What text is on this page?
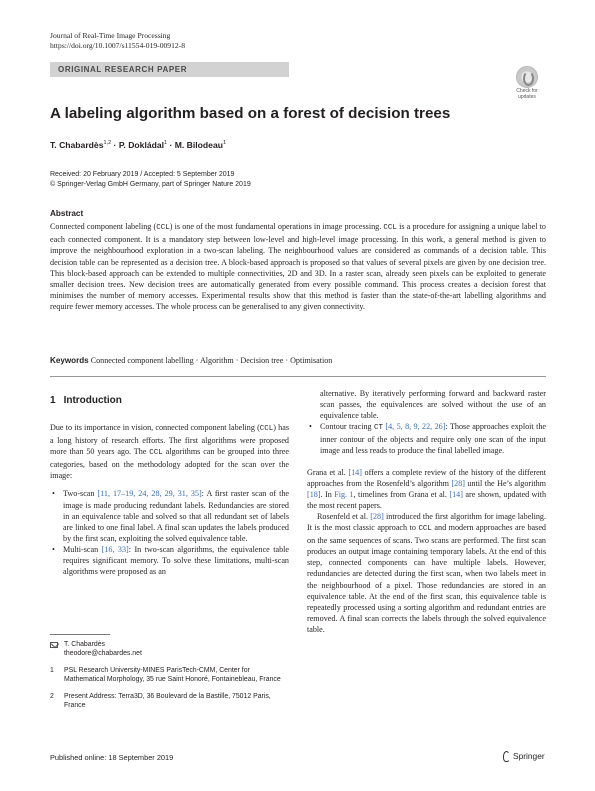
Journal of Real-Time Image Processing
https://doi.org/10.1007/s11554-019-00912-8
ORIGINAL RESEARCH PAPER
Check for
updates
A labeling algorithm based on a forest of decision trees
T. Chabardès$^{1,2}$ · P. Dokládal$^1$ · M. Bilodeau$^1$
Received: 20 February 2019 / Accepted: 5 September 2019
© Springer-Verlag GmbH Germany, part of Springer Nature 2019
Abstract
Connected component labeling (CCL) is one of the most fundamental operations in image processing. CCL is a procedure for assigning a unique label to each connected component. It is a mandatory step between low-level and high-level image processing. In this work, a general method is given to improve the neighbourhood exploration in a two-scan labeling. The neighbourhood values are considered as commands of a decision table. This decision table can be represented as a decision tree. A block-based approach is proposed so that values of several pixels are given by one decision tree. This block-based approach can be extended to multiple connectivities, 2D and 3D. In a raster scan, already seen pixels can be exploited to generate smaller decision trees. New decision trees are automatically generated from every possible command. This process creates a decision forest that minimises the number of memory accesses. Experimental results show that this method is faster than the state-of-the-art labelling algorithms and require fewer memory accesses. The whole process can be generalised to any given connectivity.
Keywords Connected component labelling · Algorithm · Decision tree · Optimisation
1 Introduction

Due to its importance in vision, connected component labeling (CCL) has a long history of research efforts. The first algorithms were proposed more than 50 years ago. The CCL algorithms can be grouped into three categories, based on the methodology adopted for the scan over the image:

• Two-scan [11, 17–19, 24, 28, 29, 31, 35]: A first raster scan of the image is made producing redundant labels. Redundancies are stored in an equivalence table and solved so that all redundant set of labels are linked to one final label. A final scan updates the labels produced by the first scan, exploiting the solved equivalence table.
• Multi-scan [16, 33]: In two-scan algorithms, the equivalence table requires significant memory. To solve these limitations, multi-scan algorithms were proposed as an

alternative. By iteratively performing forward and backward raster scan passes, the equivalences are solved without the use of an equivalence table.

• Contour tracing CT [4, 5, 8, 9, 22, 26]: Those approaches exploit the inner contour of the objects and require only one scan of the input image and less reads to produce the final labelled image.

Grana et al. [14] offers a complete review of the history of the different approaches from the Rosenfeld’s algorithm [28] until the He’s algorithm [18]. In Fig. 1, timelines from Grana et al. [14] are shown, updated with the most recent papers.

Rosenfeld et al. [28] introduced the first algorithm for image labeling. It is the most classic approach to CCL and modern approaches are based on the same sequences of scans. Two scans are performed. The first scan produces an output image containing temporary labels. At the end of this step, connected components can have multiple labels. However, redundancies are detected during the first scan, when two labels meet in the neighbourhood of a pixel. Those redundancies are stored in an equivalence table. At the end of the first scan, this equivalence table is repeatedly processed using a sorting algorithm and redundant entries are removed. A final scan corrects the labels through the solved equivalence table.

T. Chabardès
theodore@chabardes.net
1	PSL Research University-MINES ParisTech-CMM, Center for Mathematical Morphology, 35 rue Saint Honoré, Fontainebleau, France
2	Present Address: Terra3D, 36 Boulevard de la Bastille, 75012 Paris, France
Published online: 18 September 2019	Springer
